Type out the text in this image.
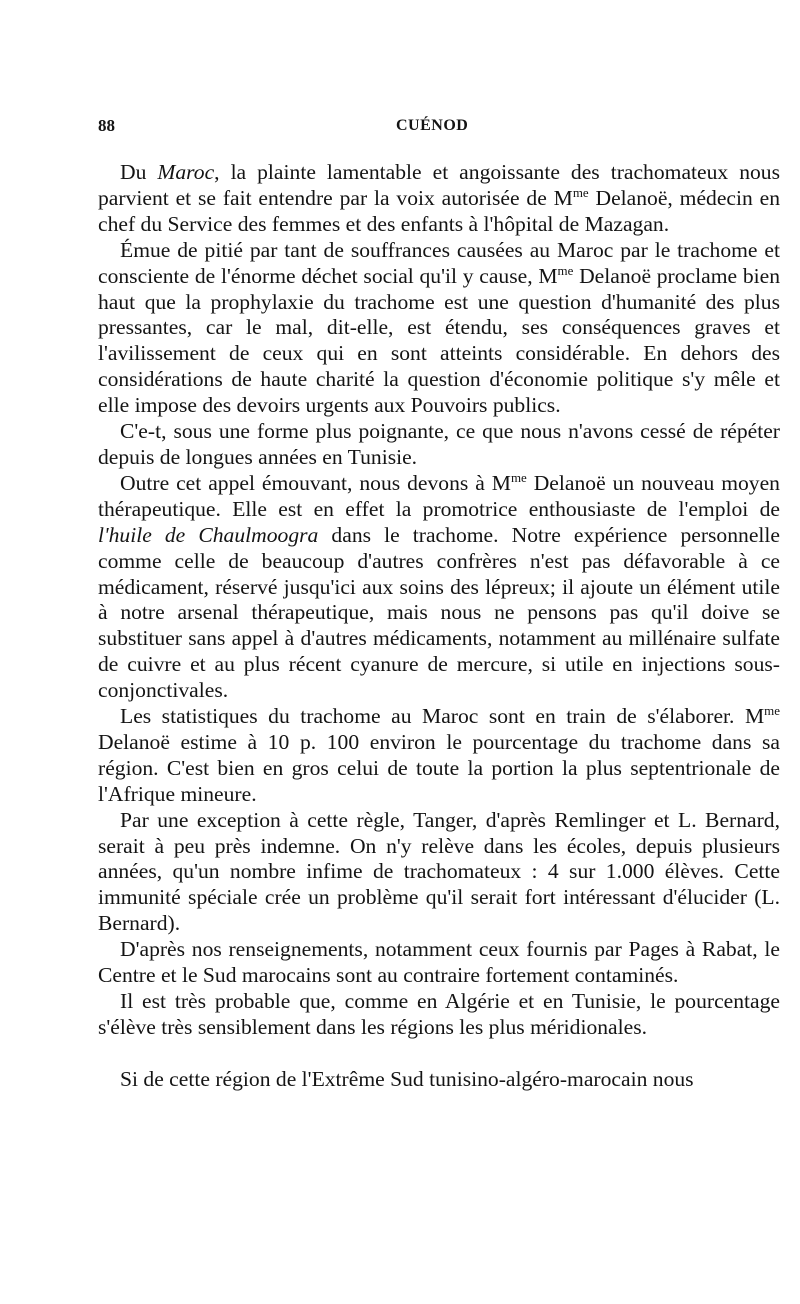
88	CUÉNOD

Du Maroc, la plainte lamentable et angoissante des trachomateux nous parvient et se fait entendre par la voix autorisée de $M^{me}$ Delanoë, médecin en chef du Service des femmes et des enfants à l'hôpital de Mazagan.

Émue de pitié par tant de souffrances causées au Maroc par le trachome et consciente de l'énorme déchet social qu'il y cause, $M^{me}$ Delanoë proclame bien haut que la prophylaxie du trachome est une question d'humanité des plus pressantes, car le mal, dit-elle, est étendu, ses conséquences graves et l'avilissement de ceux qui en sont atteints considérable. En dehors des considérations de haute charité la question d'économie politique s'y mêle et elle impose des devoirs urgents aux Pouvoirs publics.

C'e-t, sous une forme plus poignante, ce que nous n'avons cessé de répéter depuis de longues années en Tunisie.

Outre cet appel émouvant, nous devons à $M^{me}$ Delanoë un nouveau moyen thérapeutique. Elle est en effet la promotrice enthousiaste de l'emploi de l'huile de Chaulmoogra dans le trachome. Notre expérience personnelle comme celle de beaucoup d'autres confrères n'est pas défavorable à ce médicament, réservé jusqu'ici aux soins des lépreux; il ajoute un élément utile à notre arsenal thérapeutique, mais nous ne pensons pas qu'il doive se substituer sans appel à d'autres médicaments, notamment au millénaire sulfate de cuivre et au plus récent cyanure de mercure, si utile en injections sous-conjonctivales.

Les statistiques du trachome au Maroc sont en train de s'élaborer. $M^{me}$ Delanoë estime à 10 p. 100 environ le pourcentage du trachome dans sa région. C'est bien en gros celui de toute la portion la plus septentrionale de l'Afrique mineure.

Par une exception à cette règle, Tanger, d'après Remlinger et L. Bernard, serait à peu près indemne. On n'y relève dans les écoles, depuis plusieurs années, qu'un nombre infime de trachomateux : 4 sur 1.000 élèves. Cette immunité spéciale crée un problème qu'il serait fort intéressant d'élucider (L. Bernard).

D'après nos renseignements, notamment ceux fournis par Pages à Rabat, le Centre et le Sud marocains sont au contraire fortement contaminés.

Il est très probable que, comme en Algérie et en Tunisie, le pourcentage s'élève très sensiblement dans les régions les plus méridionales.

Si de cette région de l'Extrême Sud tunisino-algéro-marocain nous
